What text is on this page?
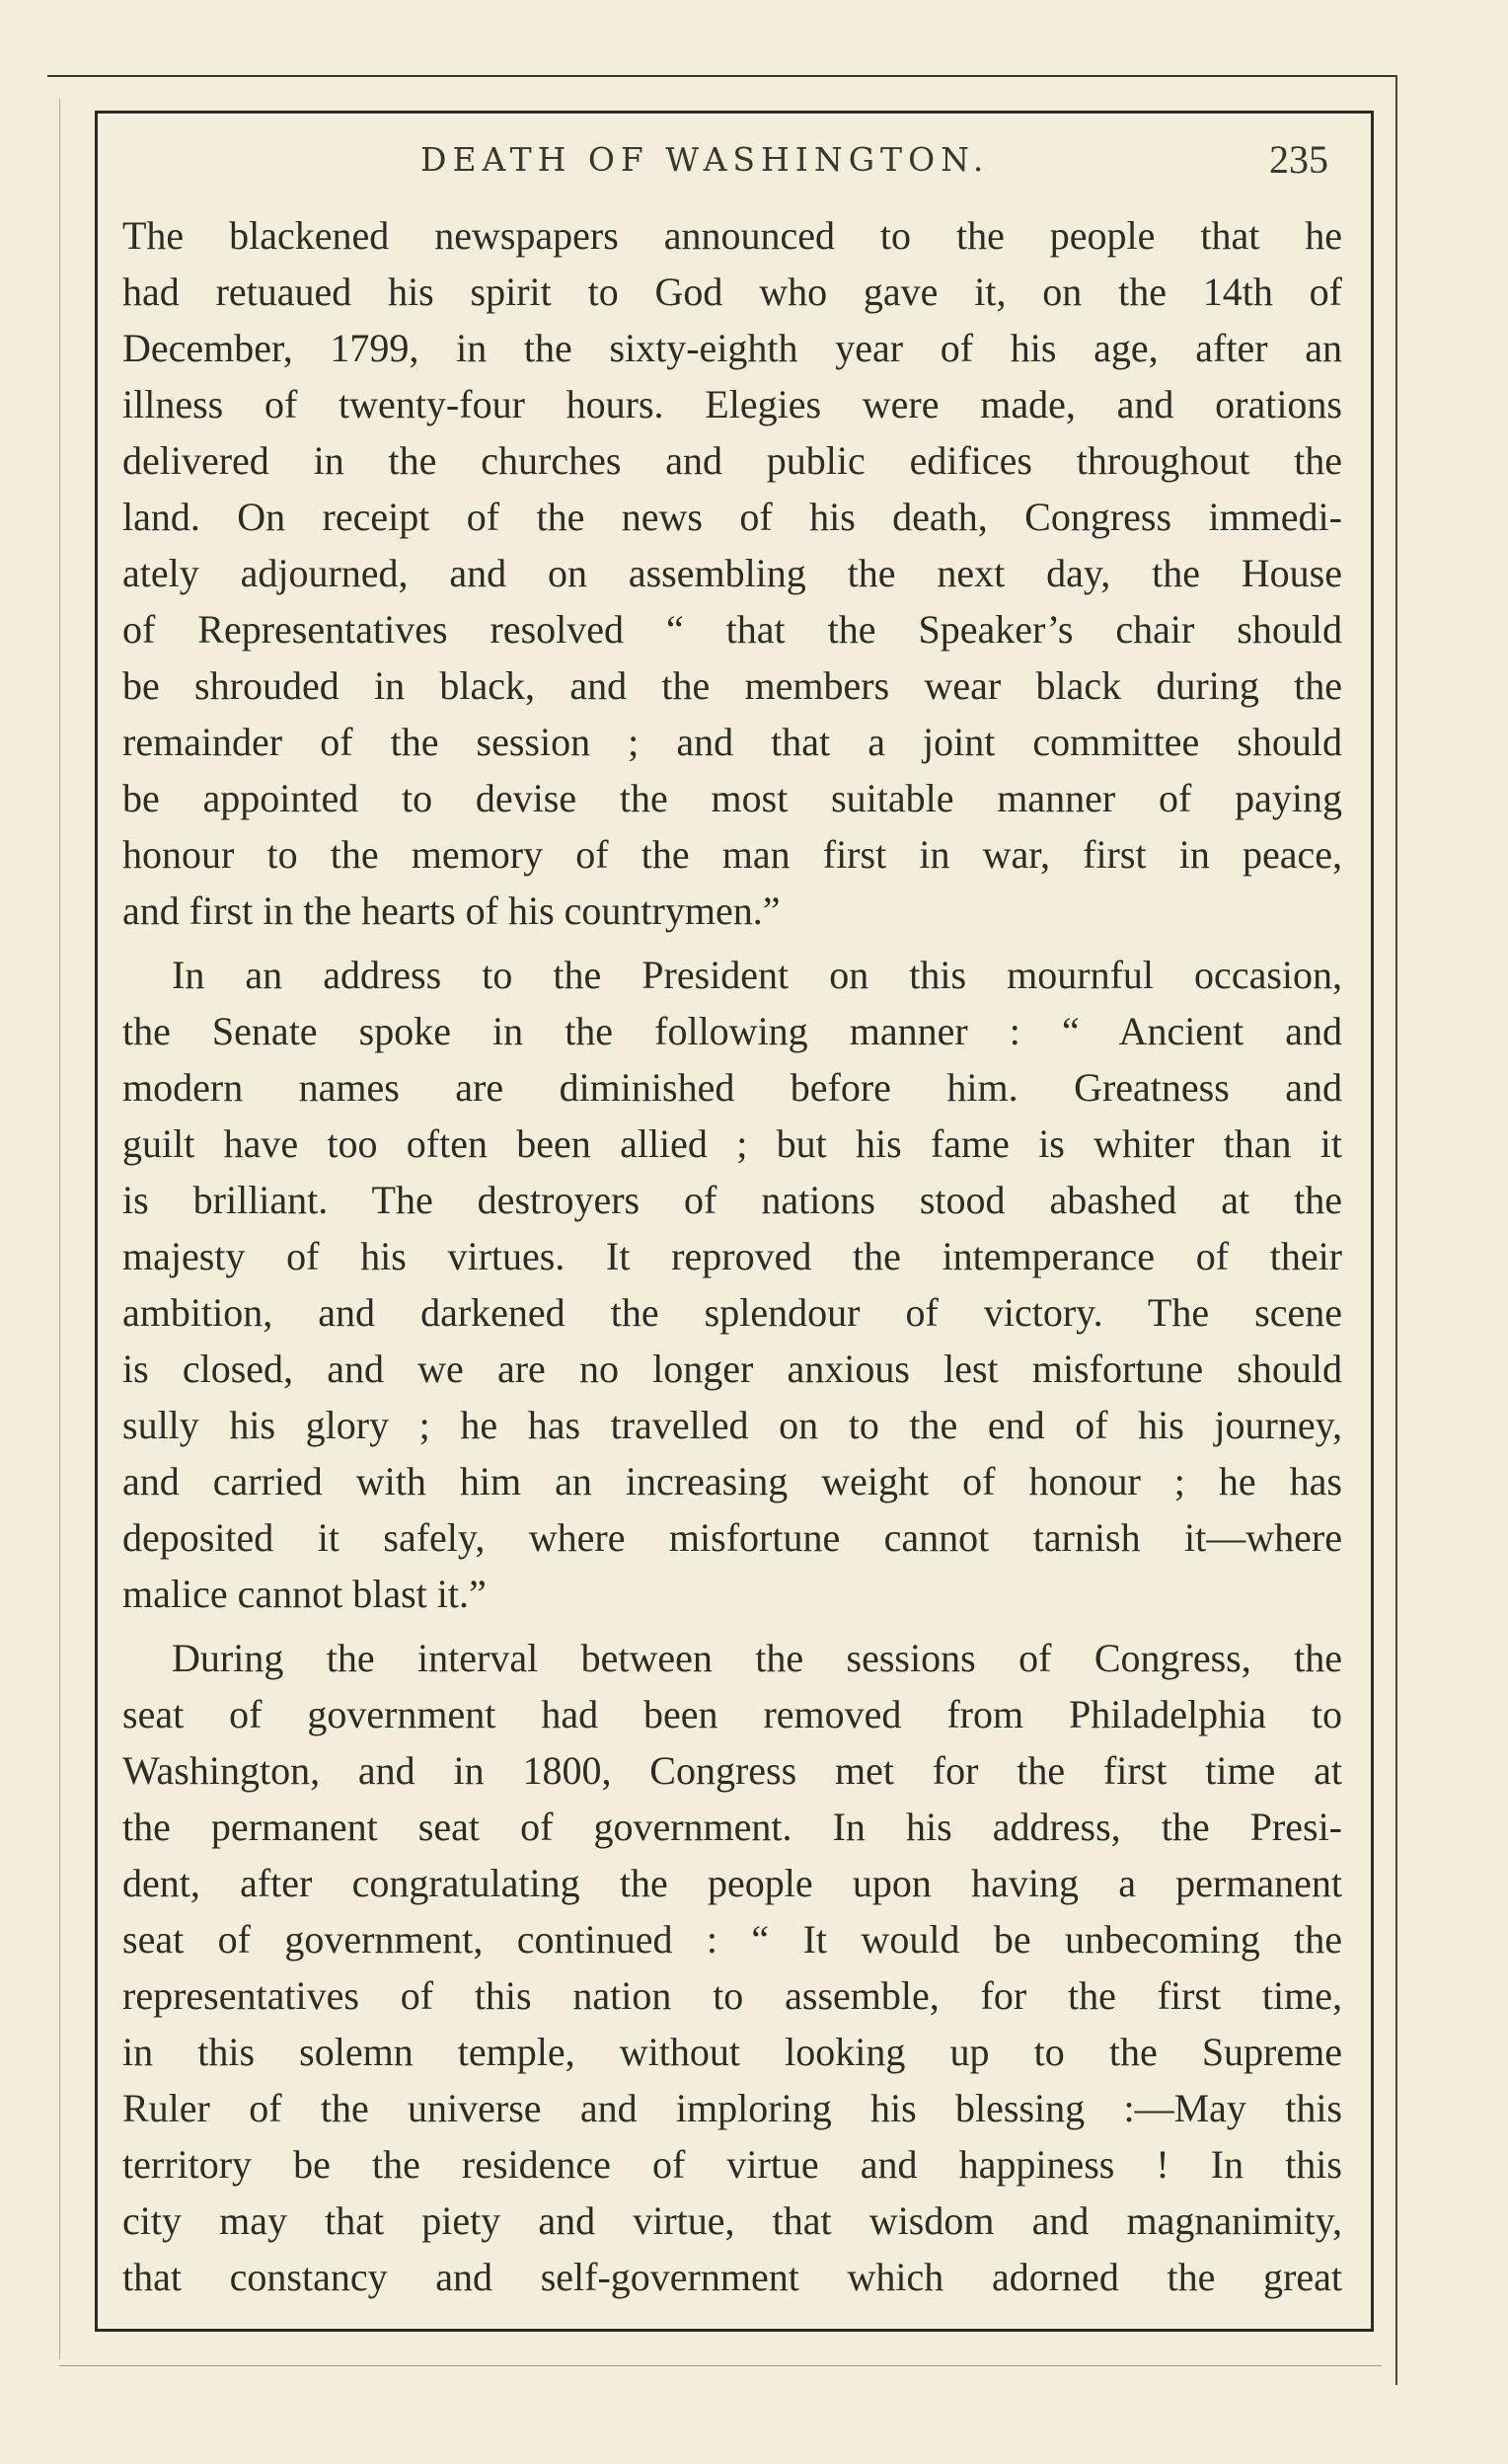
DEATH OF WASHINGTON.	235

The blackened newspapers announced to the people that he
had retuaued his spirit to God who gave it, on the 14th of
December, 1799, in the sixty-eighth year of his age, after an
illness of twenty-four hours. Elegies were made, and orations
delivered in the churches and public edifices throughout the
land. On receipt of the news of his death, Congress immedi-
ately adjourned, and on assembling the next day, the House
of Representatives resolved “ that the Speaker’s chair should
be shrouded in black, and the members wear black during the
remainder of the session ; and that a joint committee should
be appointed to devise the most suitable manner of paying
honour to the memory of the man first in war, first in peace,
and first in the hearts of his countrymen.”

In an address to the President on this mournful occasion,
the Senate spoke in the following manner : “ Ancient and
modern names are diminished before him. Greatness and
guilt have too often been allied ; but his fame is whiter than it
is brilliant. The destroyers of nations stood abashed at the
majesty of his virtues. It reproved the intemperance of their
ambition, and darkened the splendour of victory. The scene
is closed, and we are no longer anxious lest misfortune should
sully his glory ; he has travelled on to the end of his journey,
and carried with him an increasing weight of honour ; he has
deposited it safely, where misfortune cannot tarnish it—where
malice cannot blast it.”

During the interval between the sessions of Congress, the
seat of government had been removed from Philadelphia to
Washington, and in 1800, Congress met for the first time at
the permanent seat of government. In his address, the Presi-
dent, after congratulating the people upon having a permanent
seat of government, continued : “ It would be unbecoming the
representatives of this nation to assemble, for the first time,
in this solemn temple, without looking up to the Supreme
Ruler of the universe and imploring his blessing :—May this
territory be the residence of virtue and happiness ! In this
city may that piety and virtue, that wisdom and magnanimity,
that constancy and self-government which adorned the great
